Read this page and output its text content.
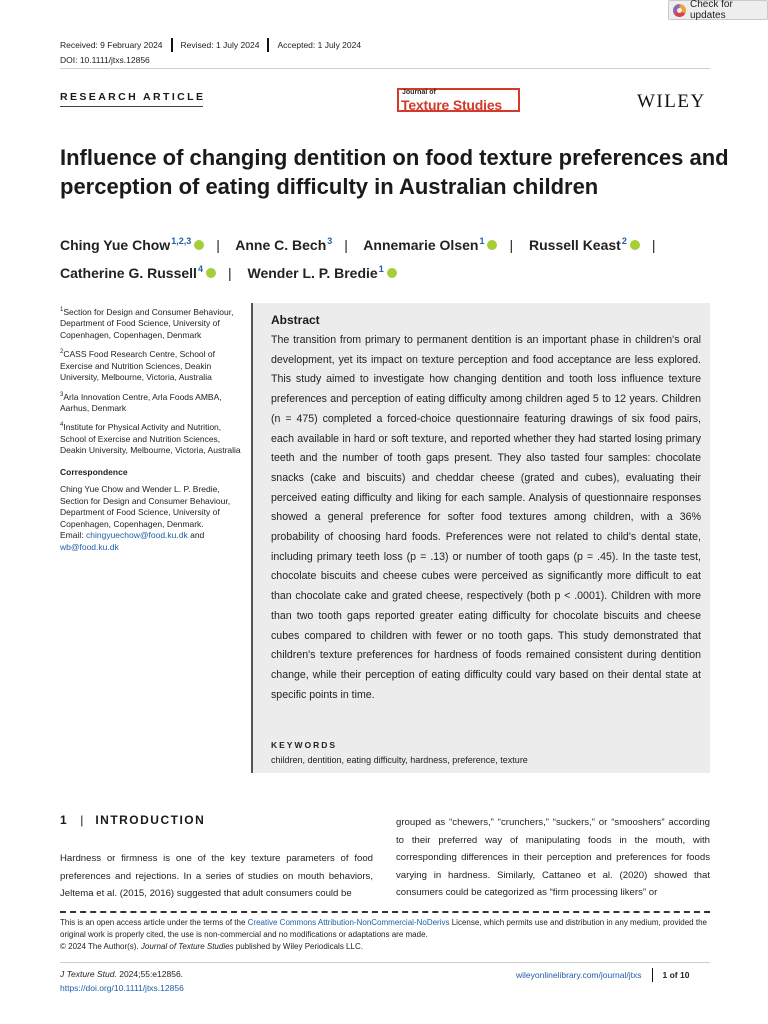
Check for updates
Received: 9 February 2024 Revised: 1 July 2024 Accepted: 1 July 2024
DOI: 10.1111/jtxs.12856
RESEARCH ARTICLE	Journal of
Texture Studies	WILEY
Influence of changing dentition on food texture preferences and perception of eating difficulty in Australian children
Ching Yue Chow$^{1,2,3}$ iD | Anne C. Bech$^3$ | Annemarie Olsen$^1$ iD | Russell Keast$^2$ iD |
Catherine G. Russell$^4$ iD | Wender L. P. Bredie$^1$iD

$^1$Section for Design and Consumer Behaviour, Department of Food Science, University of Copenhagen, Copenhagen, Denmark

$^2$CASS Food Research Centre, School of Exercise and Nutrition Sciences, Deakin University, Melbourne, Victoria, Australia

$^3$Arla Innovation Centre, Arla Foods AMBA, Aarhus, Denmark

$^4$Institute for Physical Activity and Nutrition, School of Exercise and Nutrition Sciences, Deakin University, Melbourne, Victoria, Australia

Correspondence

Ching Yue Chow and Wender L. P. Bredie, Section for Design and Consumer Behaviour, Department of Food Science, University of Copenhagen, Copenhagen, Denmark.
Email: chingyuechow@food.ku.dk and
wb@food.ku.dk

Abstract
The transition from primary to permanent dentition is an important phase in children's oral development, yet its impact on texture perception and food acceptance are less explored. This study aimed to investigate how changing dentition and tooth loss influence texture preferences and perception of eating difficulty among children aged 5 to 12 years. Children (n = 475) completed a forced-choice questionnaire featuring drawings of six food pairs, each available in hard or soft texture, and reported whether they had started losing primary teeth and the number of tooth gaps present. They also tasted four samples: chocolate snacks (cake and biscuits) and cheddar cheese (grated and cubes), evaluating their perceived eating difficulty and liking for each sample. Analysis of questionnaire responses showed a general preference for softer food textures among children, with a 36% probability of choosing hard foods. Preferences were not related to child's dental state, including primary teeth loss (p = .13) or number of tooth gaps (p = .45). In the taste test, chocolate biscuits and cheese cubes were perceived as significantly more difficult to eat than chocolate cake and grated cheese, respectively (both p < .0001). Children with more than two tooth gaps reported greater eating difficulty for chocolate biscuits and cheese cubes compared to children with fewer or no tooth gaps. This study demonstrated that children's texture preferences for hardness of foods remained consistent during dentition change, while their perception of eating difficulty could vary based on their dental state at specific points in time.
KEYWORDS
children, dentition, eating difficulty, hardness, preference, texture
1 | INTRODUCTION
Hardness or firmness is one of the key texture parameters of food preferences and rejections. In a series of studies on mouth behaviors, Jeltema et al. (2015, 2016) suggested that adult consumers could be
grouped as “chewers,” “crunchers,” “suckers,” or “smooshers” according to their preferred way of manipulating foods in the mouth, with corresponding differences in their perception and preferences for foods varying in hardness. Similarly, Cattaneo et al. (2020) showed that consumers could be categorized as “firm processing likers” or
This is an open access article under the terms of the Creative Commons Attribution-NonCommercial-NoDerivs License, which permits use and distribution in any medium, provided the original work is properly cited, the use is non-commercial and no modifications or adaptations are made.
© 2024 The Author(s). Journal of Texture Studies published by Wiley Periodicals LLC.
J Texture Stud. 2024;55:e12856.
https://doi.org/10.1111/jtxs.12856
wileyonlinelibrary.com/journal/jtxs 1 of 10
